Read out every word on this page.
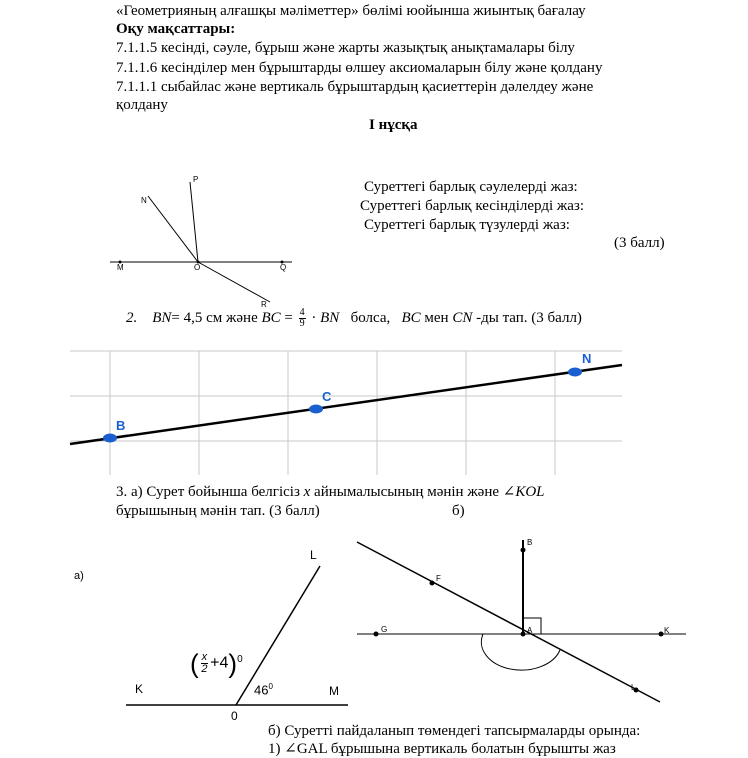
«Геометрияның алғашқы мәліметтер» бөлімі юойынша жиынтық бағалау
Оқу мақсаттары:
7.1.1.5 кесінді, сәуле, бұрыш және жарты жазықтық анықтамалары білу
7.1.1.6 кесінділер мен бұрыштарды өлшеу аксиомаларын білу және қолдану
7.1.1.1 сыбайлас және вертикаль бұрыштардың қасиеттерін дәлелдеу және
қолдану
I нұсқа
P
N
M	O	Q
R
Суреттегі барлық сәулелерді жаз:
Суреттегі барлық кесінділерді жаз:
Суреттегі барлық түзулерді жаз:
(3 балл)
2. BN= 4,5 см және BC = $\frac{4}{9}$ · BN болса, BC мен CN -ды тап. (3 балл)
B
C
N
3. а) Сурет бойынша белгісіз x айнымалысының мәнін және ∠KOL
бұрышының мәнін тап. (3 балл)	б)
а)
L
K	M
0
( $\frac{x}{2} +4)^0$
$46^0$
B
F
G	A	K
L
б) Суретті пайдаланып төмендегі тапсырмаларды орында:
1) ∠GAL бұрышына вертикаль болатын бұрышты жаз
